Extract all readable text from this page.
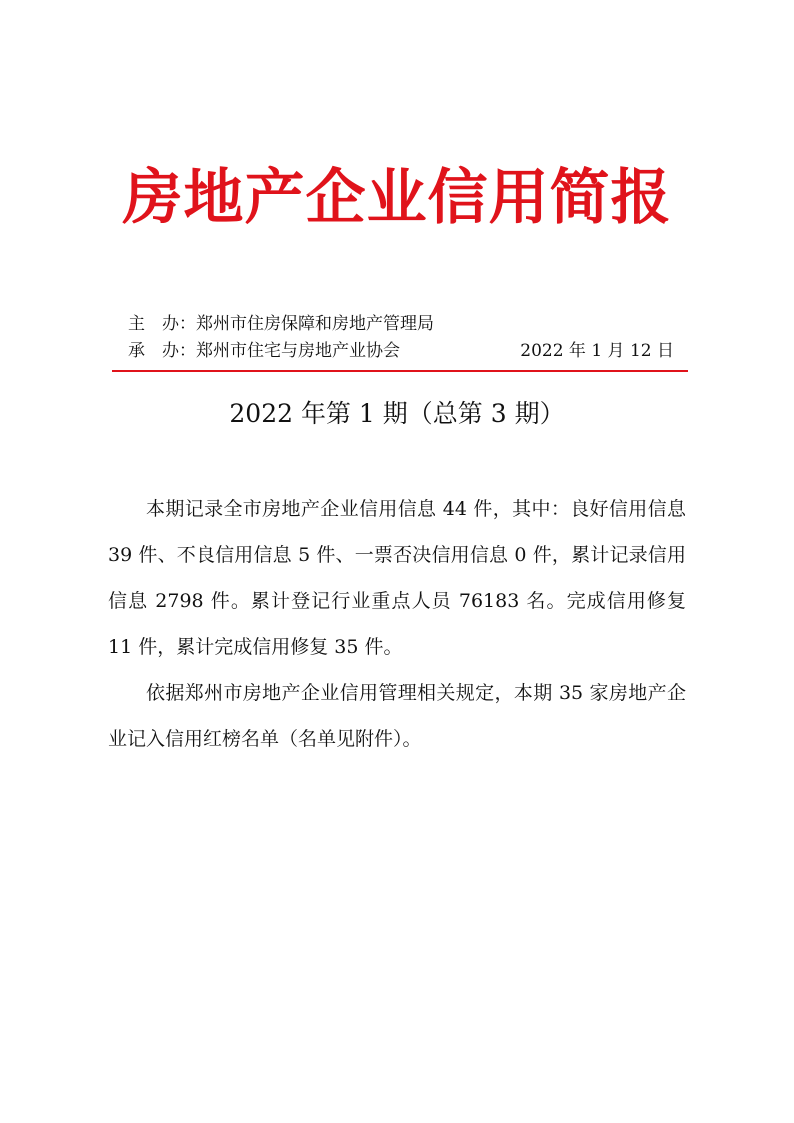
房地产企业信用简报
主　办：郑州市住房保障和房地产管理局
承　办：郑州市住宅与房地产业协会	2022 年 1 月 12 日
2022 年第 1 期（总第 3 期）

本期记录全市房地产企业信用信息 44 件，其中：良好信用信息 39 件、不良信用信息 5 件、一票否决信用信息 0 件，累计记录信用信息 2798 件。累计登记行业重点人员 76183 名。完成信用修复 11 件，累计完成信用修复 35 件。

依据郑州市房地产企业信用管理相关规定，本期 35 家房地产企业记入信用红榜名单（名单见附件）。
